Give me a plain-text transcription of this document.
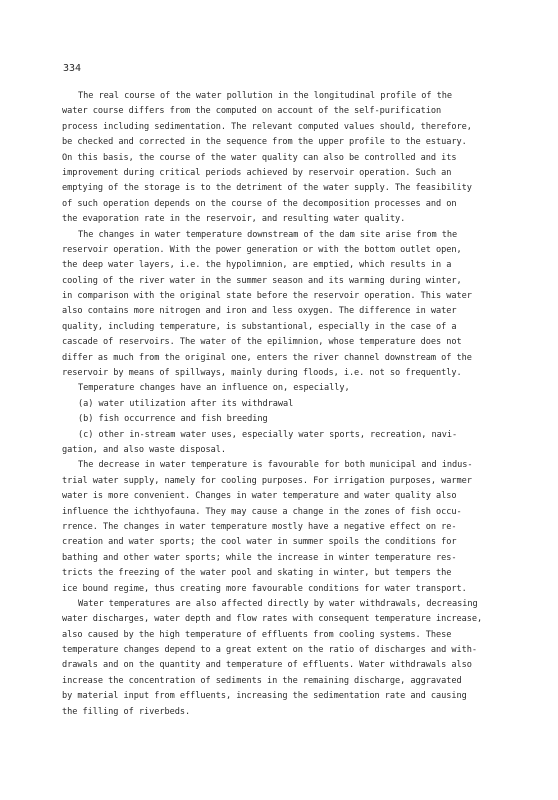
334
The real course of the water pollution in the longitudinal profile of the
water course differs from the computed on account of the self-purification
process including sedimentation. The relevant computed values should, therefore,
be checked and corrected in the sequence from the upper profile to the estuary.
On this basis, the course of the water quality can also be controlled and its
improvement during critical periods achieved by reservoir operation. Such an
emptying of the storage is to the detriment of the water supply. The feasibility
of such operation depends on the course of the decomposition processes and on
the evaporation rate in the reservoir, and resulting water quality.
The changes in water temperature downstream of the dam site arise from the
reservoir operation. With the power generation or with the bottom outlet open,
the deep water layers, i.e. the hypolimnion, are emptied, which results in a
cooling of the river water in the summer season and its warming during winter,
in comparison with the original state before the reservoir operation. This water
also contains more nitrogen and iron and less oxygen. The difference in water
quality, including temperature, is substantional, especially in the case of a
cascade of reservoirs. The water of the epilimnion, whose temperature does not
differ as much from the original one, enters the river channel downstream of the
reservoir by means of spillways, mainly during floods, i.e. not so frequently.
Temperature changes have an influence on, especially,
(a) water utilization after its withdrawal
(b) fish occurrence and fish breeding
(c) other in-stream water uses, especially water sports, recreation, navi-
gation, and also waste disposal.
The decrease in water temperature is favourable for both municipal and indus-
trial water supply, namely for cooling purposes. For irrigation purposes, warmer
water is more convenient. Changes in water temperature and water quality also
influence the ichthyofauna. They may cause a change in the zones of fish occu-
rrence. The changes in water temperature mostly have a negative effect on re-
creation and water sports; the cool water in summer spoils the conditions for
bathing and other water sports; while the increase in winter temperature res-
tricts the freezing of the water pool and skating in winter, but tempers the
ice bound regime, thus creating more favourable conditions for water transport.
Water temperatures are also affected directly by water withdrawals, decreasing
water discharges, water depth and flow rates with consequent temperature increase,
also caused by the high temperature of effluents from cooling systems. These
temperature changes depend to a great extent on the ratio of discharges and with-
drawals and on the quantity and temperature of effluents. Water withdrawals also
increase the concentration of sediments in the remaining discharge, aggravated
by material input from effluents, increasing the sedimentation rate and causing
the filling of riverbeds.
